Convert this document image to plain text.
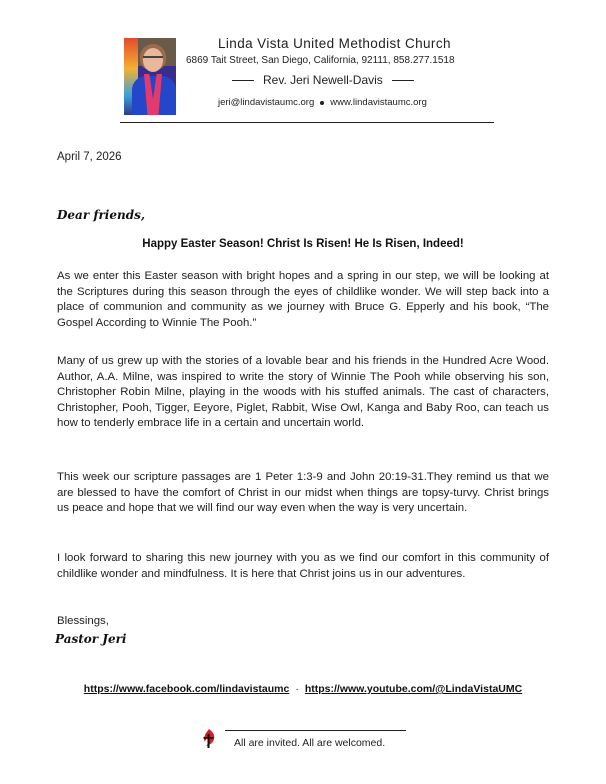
Linda Vista United Methodist Church
6869 Tait Street, San Diego, California, 92111, 858.277.1518
Rev. Jeri Newell-Davis
jeri@lindavistaumc.org www.lindavistaumc.org
April 7, 2026
Dear friends,
Happy Easter Season! Christ Is Risen! He Is Risen, Indeed!

As we enter this Easter season with bright hopes and a spring in our step, we will be looking at the Scriptures during this season through the eyes of childlike wonder. We will step back into a place of communion and community as we journey with Bruce G. Epperly and his book, “The Gospel According to Winnie The Pooh.”

Many of us grew up with the stories of a lovable bear and his friends in the Hundred Acre Wood. Author, A.A. Milne, was inspired to write the story of Winnie The Pooh while observing his son, Christopher Robin Milne, playing in the woods with his stuffed animals. The cast of characters, Christopher, Pooh, Tigger, Eeyore, Piglet, Rabbit, Wise Owl, Kanga and Baby Roo, can teach us how to tenderly embrace life in a certain and uncertain world.

This week our scripture passages are 1 Peter 1:3-9 and John 20:19-31.They remind us that we are blessed to have the comfort of Christ in our midst when things are topsy-turvy. Christ brings us peace and hope that we will find our way even when the way is very uncertain.

I look forward to sharing this new journey with you as we find our comfort in this community of childlike wonder and mindfulness. It is here that Christ joins us in our adventures.

Blessings,
Pastor Jeri
https://www.facebook.com/lindavistaumc · https://www.youtube.com/@LindaVistaUMC
All are invited. All are welcomed.
